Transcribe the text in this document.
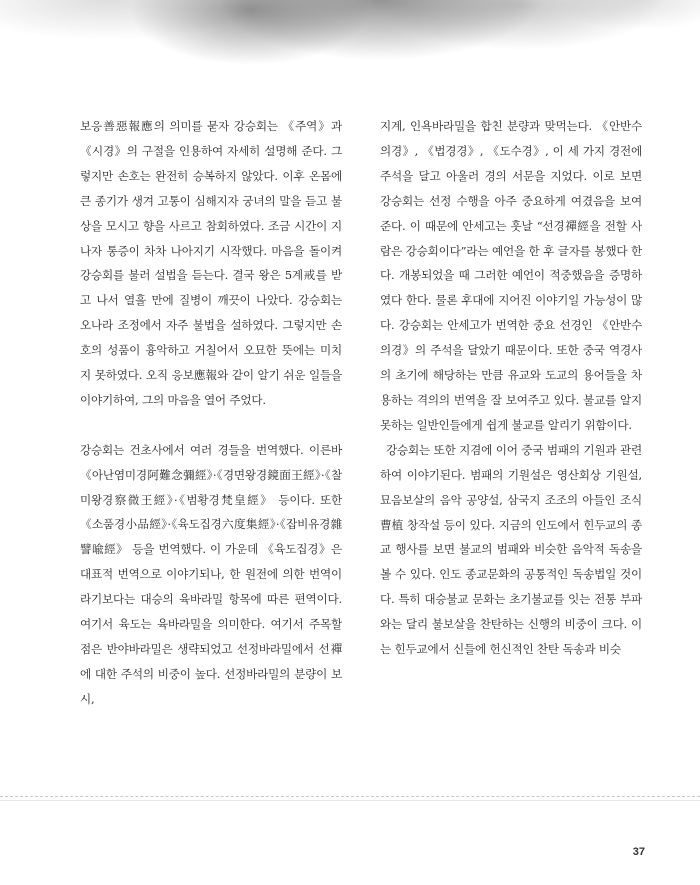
보응善惡報應의 의미를 묻자 강승회는 《주역》과 《시경》의 구절을 인용하여 자세히 설명해 준다. 그렇지만 손호는 완전히 승복하지 않았다. 이후 온몸에 큰 종기가 생겨 고통이 심해지자 궁녀의 말을 듣고 불상을 모시고 향을 사르고 참회하였다. 조금 시간이 지나자 통증이 차차 나아지기 시작했다. 마음을 돌이켜 강승회를 불러 설법을 듣는다. 결국 왕은 5계戒를 받고 나서 열흘 만에 질병이 깨끗이 나았다. 강승회는 오나라 조정에서 자주 불법을 설하였다. 그렇지만 손호의 성품이 흉악하고 거칠어서 오묘한 뜻에는 미치지 못하였다. 오직 응보應報와 같이 알기 쉬운 일들을 이야기하여, 그의 마음을 열어 주었다.

강승회는 건초사에서 여러 경들을 번역했다. 이른바 《아난염미경阿難念彌經》·《경면왕경鏡面王經》·《찰미왕경察微王經》·《범황경梵皇經》 등이다. 또한 《소품경小品經》·《육도집경六度集經》·《잡비유경雜譬喩經》 등을 번역했다. 이 가운데 《육도집경》은 대표적 번역으로 이야기되나, 한 원전에 의한 번역이라기보다는 대승의 육바라밀 항목에 따른 편역이다. 여기서 육도는 육바라밀을 의미한다. 여기서 주목할 점은 반야바라밀은 생략되었고 선정바라밀에서 선禪에 대한 주석의 비중이 높다. 선정바라밀의 분량이 보시,

지계, 인욕바라밀을 합친 분량과 맞먹는다. 《안반수의경》, 《법경경》, 《도수경》, 이 세 가지 경전에 주석을 달고 아울러 경의 서문을 지었다. 이로 보면 강승회는 선정 수행을 아주 중요하게 여겼음을 보여준다. 이 때문에 안세고는 훗날 “선경禪經을 전할 사람은 강승회이다”라는 예언을 한 후 글자를 봉했다 한다. 개봉되었을 때 그러한 예언이 적중했음을 증명하였다 한다. 물론 후대에 지어진 이야기일 가능성이 많다. 강승회는 안세고가 번역한 중요 선경인 《안반수의경》의 주석을 달았기 때문이다. 또한 중국 역경사의 초기에 해당하는 만큼 유교와 도교의 용어들을 차용하는 격의의 번역을 잘 보여주고 있다. 불교를 알지 못하는 일반인들에게 쉽게 불교를 알리기 위함이다.

강승회는 또한 지겸에 이어 중국 범패의 기원과 관련하여 이야기된다. 범패의 기원설은 영산회상 기원설, 묘음보살의 음악 공양설, 삼국지 조조의 아들인 조식曹植 창작설 등이 있다. 지금의 인도에서 힌두교의 종교 행사를 보면 불교의 범패와 비슷한 음악적 독송을 볼 수 있다. 인도 종교문화의 공통적인 독송법일 것이다. 특히 대승불교 문화는 초기불교를 잇는 전통 부파와는 달리 불보살을 찬탄하는 신행의 비중이 크다. 이는 힌두교에서 신들에 헌신적인 찬탄 독송과 비슷

37
